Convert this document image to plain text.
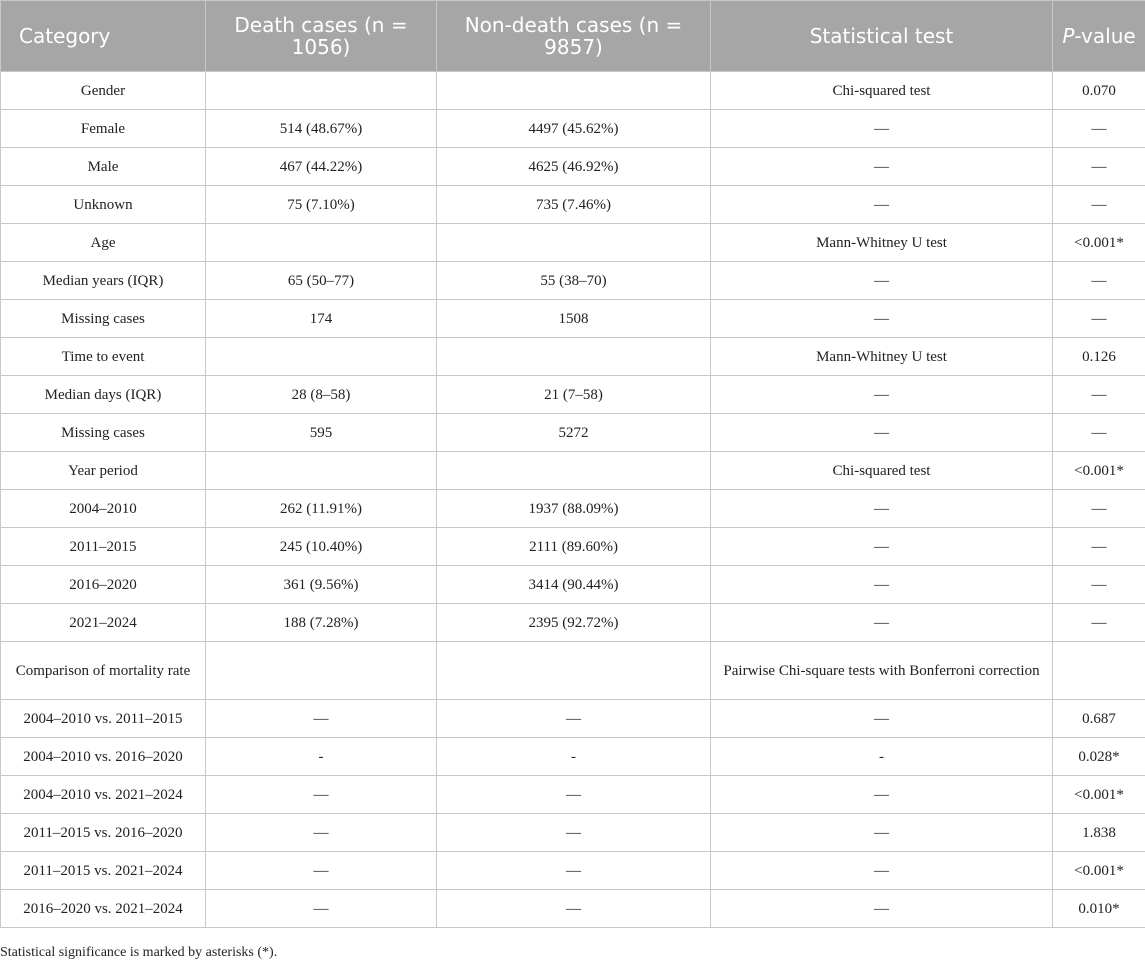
Category	Death cases (n = 1056)	Non-death cases (n = 9857)	Statistical test	P-value
Gender			Chi-squared test	0.070
Female	514 (48.67%)	4497 (45.62%)	—	—
Male	467 (44.22%)	4625 (46.92%)	—	—
Unknown	75 (7.10%)	735 (7.46%)	—	—
Age			Mann-Whitney U test	<0.001*
Median years (IQR)	65 (50–77)	55 (38–70)	—	—
Missing cases	174	1508	—	—
Time to event			Mann-Whitney U test	0.126
Median days (IQR)	28 (8–58)	21 (7–58)	—	—
Missing cases	595	5272	—	—
Year period			Chi-squared test	<0.001*
2004–2010	262 (11.91%)	1937 (88.09%)	—	—
2011–2015	245 (10.40%)	2111 (89.60%)	—	—
2016–2020	361 (9.56%)	3414 (90.44%)	—	—
2021–2024	188 (7.28%)	2395 (92.72%)	—	—
Comparison of mortality rate			Pairwise Chi-square tests with Bonferroni correction	
2004–2010 vs. 2011–2015	—	—	—	0.687
2004–2010 vs. 2016–2020	-	-	-	0.028*
2004–2010 vs. 2021–2024	—	—	—	<0.001*
2011–2015 vs. 2016–2020	—	—	—	1.838
2011–2015 vs. 2021–2024	—	—	—	<0.001*
2016–2020 vs. 2021–2024	—	—	—	0.010*
Statistical significance is marked by asterisks (*).
